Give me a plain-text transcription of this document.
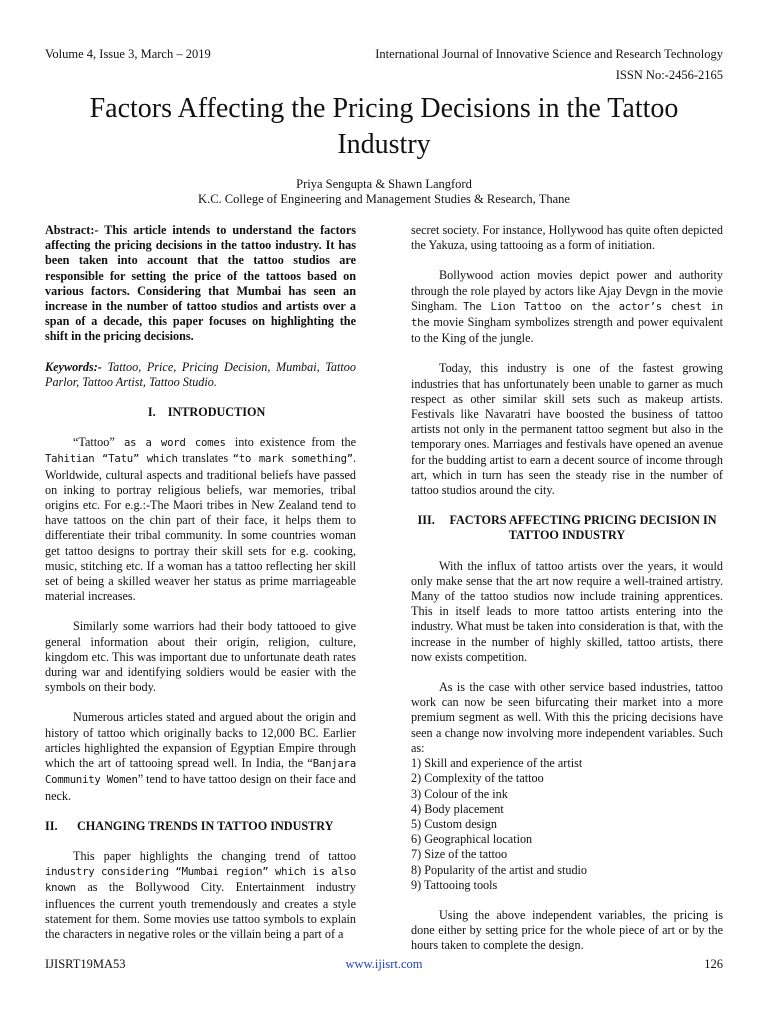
Volume 4, Issue 3, March – 2019	International Journal of Innovative Science and Research Technology
ISSN No:-2456-2165
Factors Affecting the Pricing Decisions in the Tattoo Industry
Priya Sengupta & Shawn Langford
K.C. College of Engineering and Management Studies & Research, Thane

Abstract:- This article intends to understand the factors affecting the pricing decisions in the tattoo industry. It has been taken into account that the tattoo studios are responsible for setting the price of the tattoos based on various factors. Considering that Mumbai has seen an increase in the number of tattoo studios and artists over a span of a decade, this paper focuses on highlighting the shift in the pricing decisions.

Keywords:- Tattoo, Price, Pricing Decision, Mumbai, Tattoo Parlor, Tattoo Artist, Tattoo Studio.

I. INTRODUCTION

“Tattoo” as a word comes into existence from the Tahitian “Tatu” which translates “to mark something”. Worldwide, cultural aspects and traditional beliefs have passed on inking to portray religious beliefs, war memories, tribal origins etc. For e.g.:-The Maori tribes in New Zealand tend to have tattoos on the chin part of their face, it helps them to differentiate their tribal community. In some countries woman get tattoo designs to portray their skill sets for e.g. cooking, music, stitching etc. If a woman has a tattoo reflecting her skill set of being a skilled weaver her status as prime marriageable material increases.

Similarly some warriors had their body tattooed to give general information about their origin, religion, culture, kingdom etc. This was important due to unfortunate death rates during war and identifying soldiers would be easier with the symbols on their body.

Numerous articles stated and argued about the origin and history of tattoo which originally backs to 12,000 BC. Earlier articles highlighted the expansion of Egyptian Empire through which the art of tattooing spread well. In India, the “Banjara Community Women” tend to have tattoo design on their face and neck.

II. CHANGING TRENDS IN TATTOO INDUSTRY

This paper highlights the changing trend of tattoo industry considering “Mumbai region” which is also known as the Bollywood City. Entertainment industry influences the current youth tremendously and creates a style statement for them. Some movies use tattoo symbols to explain the characters in negative roles or the villain being a part of a

secret society. For instance, Hollywood has quite often depicted the Yakuza, using tattooing as a form of initiation.

Bollywood action movies depict power and authority through the role played by actors like Ajay Devgn in the movie Singham. The Lion Tattoo on the actor’s chest in the movie Singham symbolizes strength and power equivalent to the King of the jungle.

Today, this industry is one of the fastest growing industries that has unfortunately been unable to garner as much respect as other similar skill sets such as makeup artists. Festivals like Navaratri have boosted the business of tattoo artists not only in the permanent tattoo segment but also in the temporary ones. Marriages and festivals have opened an avenue for the budding artist to earn a decent source of income through art, which in turn has seen the steady rise in the number of tattoo studios around the city.

III. FACTORS AFFECTING PRICING DECISION IN
TATTOO INDUSTRY

With the influx of tattoo artists over the years, it would only make sense that the art now require a well-trained artistry. Many of the tattoo studios now include training apprentices. This in itself leads to more tattoo artists entering into the industry. What must be taken into consideration is that, with the increase in the number of highly skilled, tattoo artists, there now exists competition.

As is the case with other service based industries, tattoo work can now be seen bifurcating their market into a more premium segment as well. With this the pricing decisions have seen a change now involving more independent variables. Such as:

1) Skill and experience of the artist
2) Complexity of the tattoo
3) Colour of the ink
4) Body placement
5) Custom design
6) Geographical location
7) Size of the tattoo
8) Popularity of the artist and studio
9) Tattooing tools

Using the above independent variables, the pricing is done either by setting price for the whole piece of art or by the hours taken to complete the design.

IJISRT19MA53	www.ijisrt.com	126
